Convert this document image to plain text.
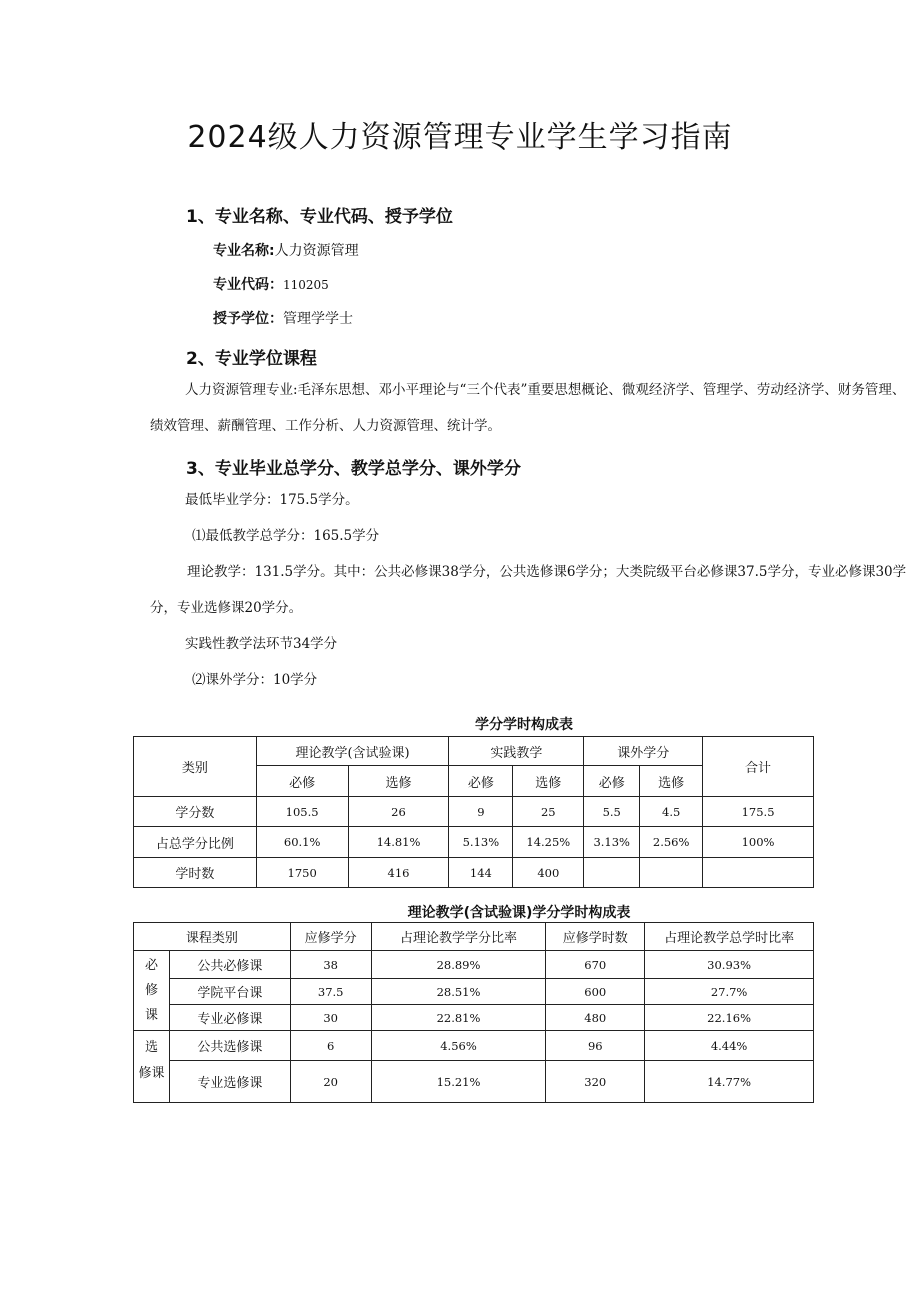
2024级人力资源管理专业学生学习指南
1、专业名称、专业代码、授予学位
专业名称:人力资源管理
专业代码：110205
授予学位：管理学学士
2、专业学位课程
人力资源管理专业:毛泽东思想、邓小平理论与“三个代表”重要思想概论、微观经济学、管理学、劳动经济学、财务管理、绩效管理、薪酬管理、工作分析、人力资源管理、统计学。
3、专业毕业总学分、教学总学分、课外学分
最低毕业学分：175.5学分。
⑴最低教学总学分：165.5学分
理论教学：131.5学分。其中：公共必修课38学分，公共选修课6学分；大类院级平台必修课37.5学分，专业必修课30学分，专业选修课20学分。
实践性教学法环节34学分
⑵课外学分：10学分
学分学时构成表
类别	理论教学(含试验课)		实践教学		课外学分		合计
	必修	选修	必修	选修	必修	选修	
学分数	105.5	26	9	25	5.5	4.5	175.5
占总学分比例	60.1%	14.81%	5.13%	14.25%	3.13%	2.56%	100%
学时数	1750	416	144	400			
理论教学(含试验课)学分学时构成表
课程类别		应修学分	占理论教学学分比率	应修学时数	占理论教学总学时比率
必
修
课	公共必修课	38	28.89%	670	30.93%
	学院平台课	37.5	28.51%	600	27.7%
	专业必修课	30	22.81%	480	22.16%
选
修课	公共选修课	6	4.56%	96	4.44%
	专业选修课	20	15.21%	320	14.77%
